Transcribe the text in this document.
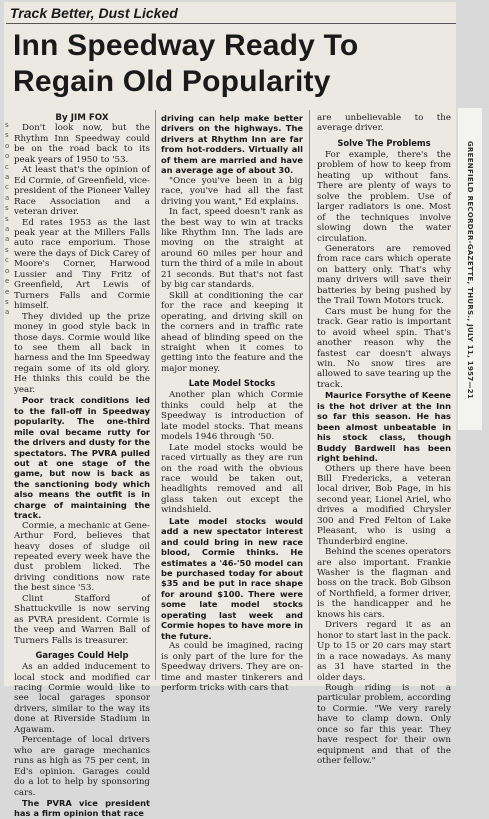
Track Better, Dust Licked
Inn Speedway Ready To
Regain Old Popularity
s
s
o
o
c
a
c
a
s
s
a
a
s
c
o
e
e
s
a

By JIM FOX

Don't look now, but the Rhythm Inn Speedway could be on the road back to its peak years of 1950 to '53.

At least that's the opinion of Ed Cormie, of Greenfield, vice-president of the Pioneer Valley Race Association and a veteran driver.

Ed rates 1953 as the last peak year at the Millers Falls auto race emporium. Those were the days of Dick Carey of Moore's Corner, Harwood Lussier and Tiny Fritz of Greenfield, Art Lewis of Turners Falls and Cormie himself.

They divided up the prize money in good style back in those days. Cormie would like to see them all back in harness and the Inn Speedway regain some of its old glory. He thinks this could be the year.

Poor track conditions led to the fall-off in Speedway popularity. The one-third mile oval became rutty for the drivers and dusty for the spectators. The PVRA pulled out at one stage of the game, but now is back as the sanctioning body which also means the outfit is in charge of maintaining the track.

Cormie, a mechanic at Gene-Arthur Ford, believes that heavy doses of sludge oil repeated every week have the dust problem licked. The driving conditions now rate the best since '53.

Clint Stafford of Shattuckville is now serving as PVRA president. Cormie is the veep and Warren Ball of Turners Falls is treasurer.

Garages Could Help

As an added inducement to local stock and modified car racing Cormie would like to see local garages sponsor drivers, similar to the way its done at Riverside Stadium in Agawam.

Percentage of local drivers who are garage mechanics runs as high as 75 per cent, in Ed's opinion. Garages could do a lot to help by sponsoring cars.

The PVRA vice president has a firm opinion that race

driving can help make better drivers on the highways. The drivers at Rhythm Inn are far from hot-rodders. Virtually all of them are married and have an average age of about 30.

"Once you've been in a big race, you've had all the fast driving you want," Ed explains.

In fact, speed doesn't rank as the best way to win at tracks like Rhythm Inn. The lads are moving on the straight at around 60 miles per hour and turn the third of a mile in about 21 seconds. But that's not fast by big car standards.

Skill at conditioning the car for the race and keeping it operating, and driving skill on the corners and in traffic rate ahead of blinding speed on the straight when it comes to getting into the feature and the major money.

Late Model Stocks

Another plan which Cormie thinks could help at the Speedway is introduction of late model stocks. That means models 1946 through '50.

Late model stocks would be raced virtually as they are run on the road with the obvious race would be taken out, headlights removed and all glass taken out except the windshield.

Late model stocks would add a new spectator interest and could bring in new race blood, Cormie thinks. He estimates a '46-'50 model can be purchased today for about $35 and be put in race shape for around $100. There were some late model stocks operating last week and Cormie hopes to have more in the future.

As could be imagined, racing is only part of the lure for the Speedway drivers. They are on-time and master tinkerers and perform tricks with cars that

are unbelievable to the average driver.

Solve The Problems

For example, there's the problem of how to keep from heating up without fans. There are plenty of ways to solve the problem. Use of larger radiators is one. Most of the techniques involve slowing down the water circulation.

Generators are removed from race cars which operate on battery only. That's why many drivers will save their batteries by being pushed by the Trail Town Motors truck.

Cars must be hung for the track. Gear ratio is important to avoid wheel spin. That's another reason why the fastest car doesn't always win. No snow tires are allowed to save tearing up the track.

Maurice Forsythe of Keene is the hot driver at the Inn so far this season. He has been almost unbeatable in his stock class, though Buddy Bardwell has been right behind.

Others up there have been Bill Fredericks, a veteran local driver, Bob Page, in his second year, Lionel Ariel, who drives a modified Chrysler 300 and Fred Felton of Lake Pleasant, who is using a Thunderbird engine.

Behind the scenes operators are also important. Frankie Washer is the flagman and boss on the track. Bob Gibson of Northfield, a former driver, is the handicapper and he knows his cars.

Drivers regard it as an honor to start last in the pack. Up to 15 or 20 cars may start in a race nowadays. As many as 31 have started in the older days.

Rough riding is not a particular problem, according to Cormie. "We very rarely have to clamp down. Only once so far this year. They have respect for their own equipment and that of the other fellow."

GREENFIELD RECORDER-GAZETTE, THURS., JULY 11, 1957—21
